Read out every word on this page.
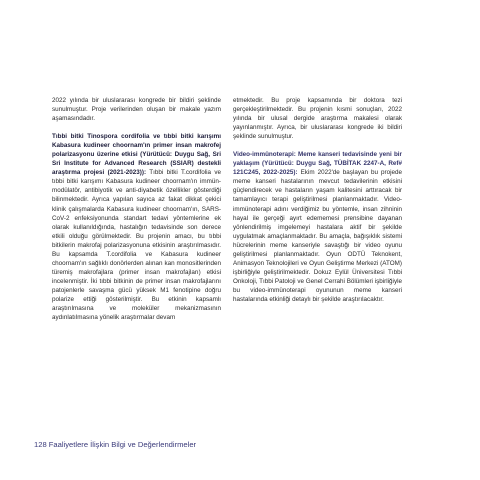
2022 yılında bir uluslararası kongrede bir bildiri şeklinde sunulmuştur. Proje verilerinden oluşan bir makale yazım aşamasındadır.

Tıbbi bitki Tinospora cordifolia ve tıbbi bitki karışımı Kabasura kudineer choornam'ın primer insan makrofej polarizasyonu üzerine etkisi (Yürütücü: Duygu Sağ, Sri Sri Institute for Advanced Research (SSIAR) destekli araştırma projesi (2021-2023)): Tıbbi bitki T.cordifolia ve tıbbi bitki karışımı Kabasura kudineer choornam'ın immün-modülatör, antibiyotik ve anti-diyabetik özellikler gösterdiği bilinmektedir. Ayrıca yapılan sayıca az fakat dikkat çekici klinik çalışmalarda Kabasura kudineer choornam'ın, SARS-CoV-2 enfeksiyonunda standart tedavi yöntemlerine ek olarak kullanıldığında, hastalığın tedavisinde son derece etkili olduğu görülmektedir. Bu projenin amacı, bu tıbbi bitkilerin makrofaj polarizasyonuna etkisinin araştırılmasıdır. Bu kapsamda T.cordifolia ve Kabasura kudineer choornam'ın sağlıklı donörlerden alınan kan monositlerinden türemiş makrofajlara (primer insan makrofajları) etkisi incelenmiştir. İki tıbbi bitkinin de primer insan makrofajlarını patojenlerle savaşma gücü yüksek M1 fenotipine doğru polarize ettiği gösterilmiştir. Bu etkinin kapsamlı araştırılmasına ve moleküler mekanizmasının aydınlatılmasına yönelik araştırmalar devam

etmektedir. Bu proje kapsamında bir doktora tezi gerçekleştirilmektedir. Bu projenin kısmi sonuçları, 2022 yılında bir ulusal dergide araştırma makalesi olarak yayınlanmıştır. Ayrıca, bir uluslararası kongrede iki bildiri şeklinde sunulmuştur.

Video-immünoterapi: Meme kanseri tedavisinde yeni bir yaklaşım (Yürütücü: Duygu Sağ, TÜBİTAK 2247-A, Ref# 121C245, 2022-2025): Ekim 2022'de başlayan bu projede meme kanseri hastalarının mevcut tedavilerinin etkisini güçlendirecek ve hastaların yaşam kalitesini arttıracak bir tamamlayıcı terapi geliştirilmesi planlanmaktadır. Video-immünoterapi adını verdiğimiz bu yöntemle, insan zihninin hayal ile gerçeği ayırt edememesi prensibine dayanan yönlendirilmiş imgelemeyi hastalara aktif bir şekilde uygulatmak amaçlanmaktadır. Bu amaçla, bağışıklık sistemi hücrelerinin meme kanseriyle savaştığı bir video oyunu geliştirilmesi planlanmaktadır. Oyun ODTÜ Teknokent, Animasyon Teknolojileri ve Oyun Geliştirme Merkezi (ATOM) işbirliğiyle geliştirilmektedir. Dokuz Eylül Üniversitesi Tıbbi Onkoloji, Tıbbi Patoloji ve Genel Cerrahi Bölümleri işbirliğiyle bu video-immünoterapi oyununun meme kanseri hastalarında etkinliği detaylı bir şekilde araştırılacaktır.

128 Faaliyetlere İlişkin Bilgi ve Değerlendirmeler
